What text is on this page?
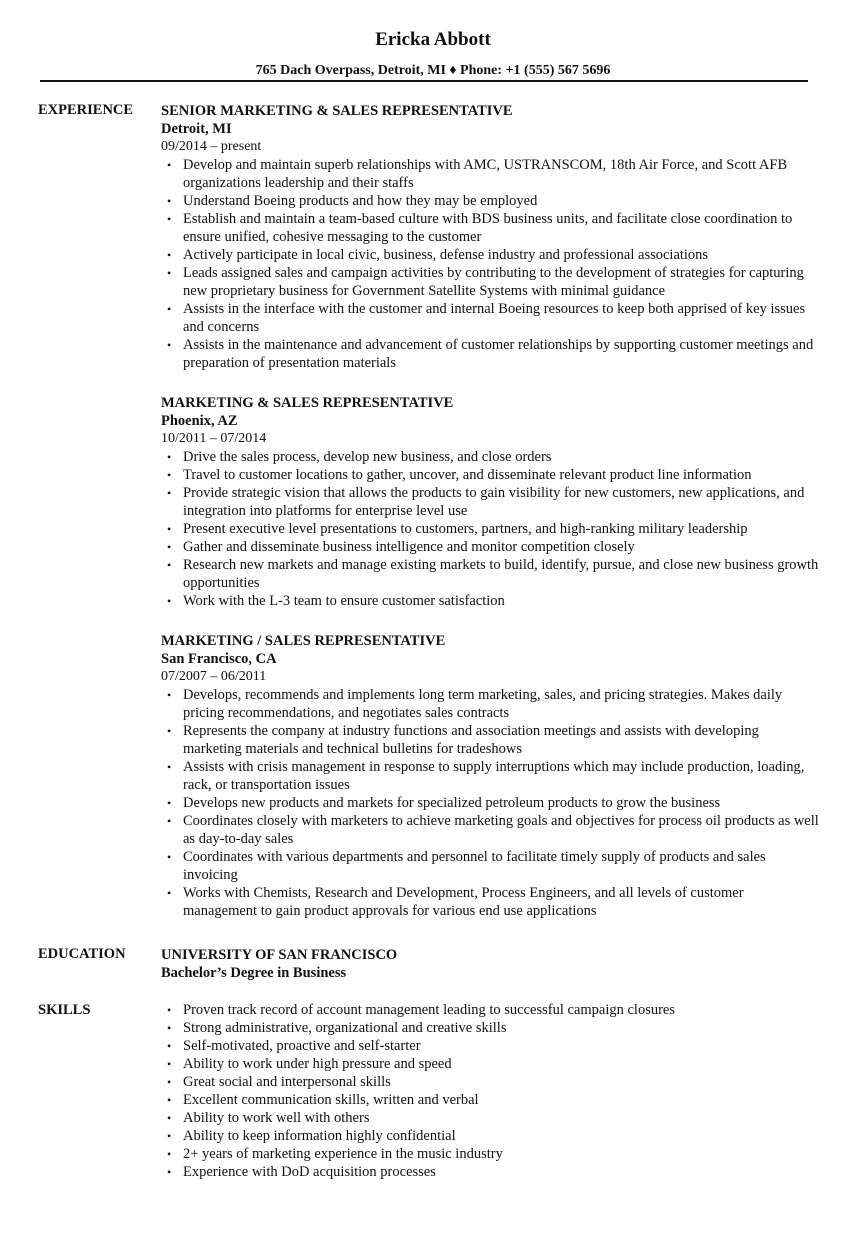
Ericka Abbott
765 Dach Overpass, Detroit, MI ♦ Phone: +1 (555) 567 5696
EXPERIENCE SENIOR MARKETING & SALES REPRESENTATIVE
Detroit, MI
09/2014 – present
• Develop and maintain superb relationships with AMC, USTRANSCOM, 18th Air Force, and Scott AFB organizations leadership and their staffs
• Understand Boeing products and how they may be employed
• Establish and maintain a team-based culture with BDS business units, and facilitate close coordination to ensure unified, cohesive messaging to the customer
• Actively participate in local civic, business, defense industry and professional associations
• Leads assigned sales and campaign activities by contributing to the development of strategies for capturing new proprietary business for Government Satellite Systems with minimal guidance
• Assists in the interface with the customer and internal Boeing resources to keep both apprised of key issues and concerns
• Assists in the maintenance and advancement of customer relationships by supporting customer meetings and preparation of presentation materials
MARKETING & SALES REPRESENTATIVE
Phoenix, AZ
10/2011 – 07/2014
• Drive the sales process, develop new business, and close orders
• Travel to customer locations to gather, uncover, and disseminate relevant product line information
• Provide strategic vision that allows the products to gain visibility for new customers, new applications, and integration into platforms for enterprise level use
• Present executive level presentations to customers, partners, and high-ranking military leadership
• Gather and disseminate business intelligence and monitor competition closely
• Research new markets and manage existing markets to build, identify, pursue, and close new business growth opportunities
• Work with the L-3 team to ensure customer satisfaction
MARKETING / SALES REPRESENTATIVE
San Francisco, CA
07/2007 – 06/2011
• Develops, recommends and implements long term marketing, sales, and pricing strategies. Makes daily pricing recommendations, and negotiates sales contracts
• Represents the company at industry functions and association meetings and assists with developing marketing materials and technical bulletins for tradeshows
• Assists with crisis management in response to supply interruptions which may include production, loading, rack, or transportation issues
• Develops new products and markets for specialized petroleum products to grow the business
• Coordinates closely with marketers to achieve marketing goals and objectives for process oil products as well as day-to-day sales
• Coordinates with various departments and personnel to facilitate timely supply of products and sales invoicing
• Works with Chemists, Research and Development, Process Engineers, and all levels of customer management to gain product approvals for various end use applications
EDUCATION UNIVERSITY OF SAN FRANCISCO
Bachelor’s Degree in Business
SKILLS
•	Proven track record of account management leading to successful campaign closures
• Strong administrative, organizational and creative skills
• Self-motivated, proactive and self-starter
• Ability to work under high pressure and speed
• Great social and interpersonal skills
• Excellent communication skills, written and verbal
• Ability to work well with others
• Ability to keep information highly confidential
• 2+ years of marketing experience in the music industry
• Experience with DoD acquisition processes
